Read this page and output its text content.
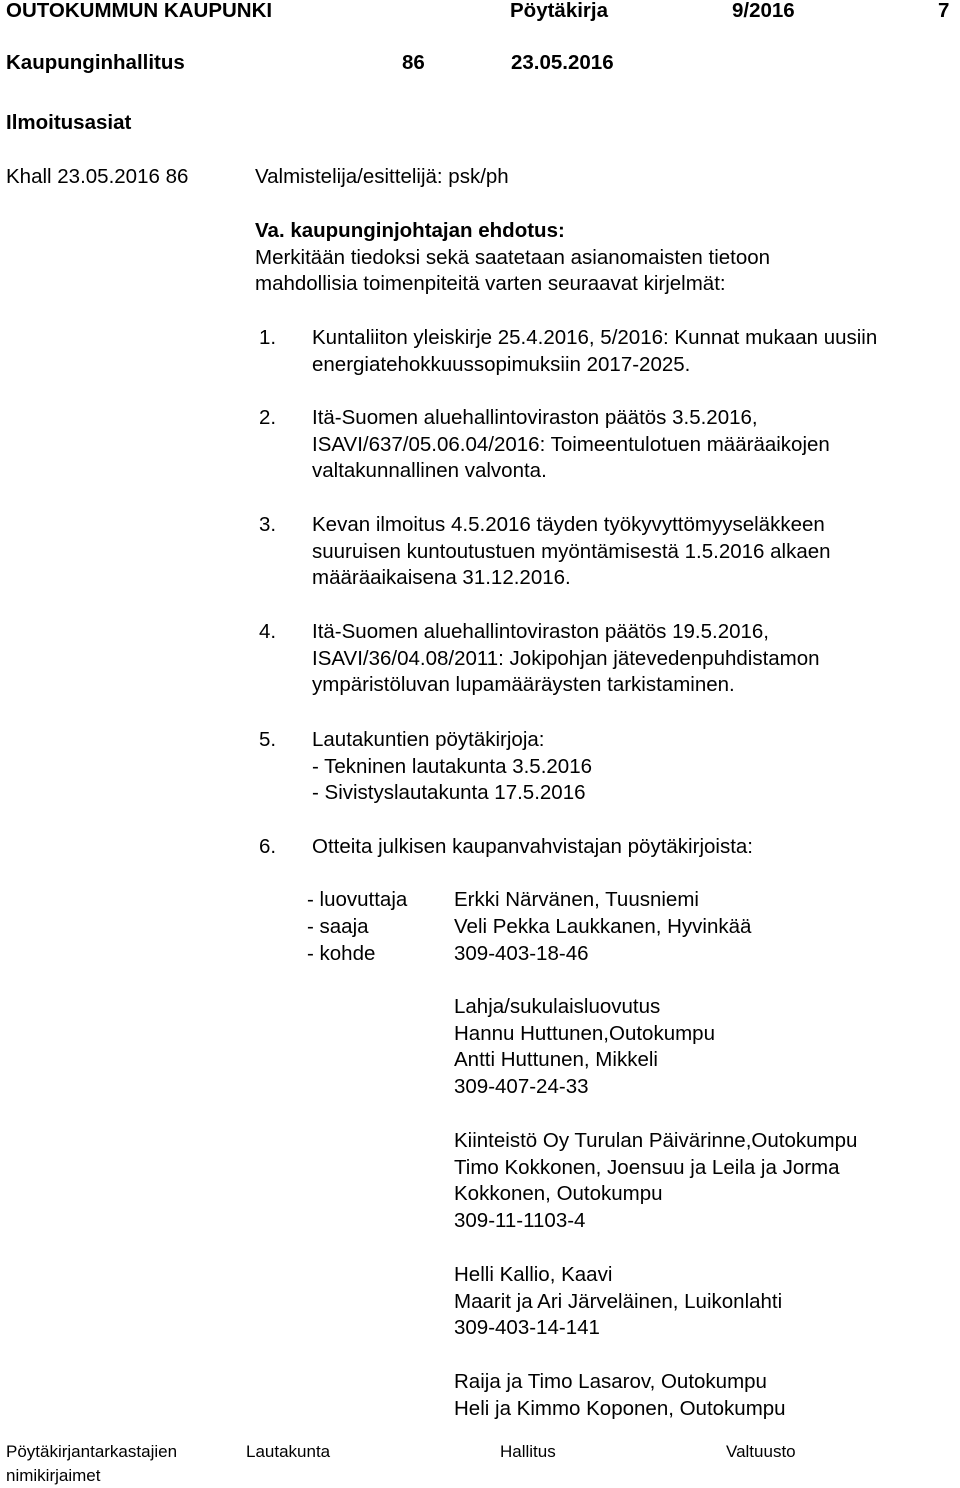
OUTOKUMMUN KAUPUNKI	Pöytäkirja	9/2016	7
Kaupunginhallitus	86	23.05.2016
Ilmoitusasiat
Khall 23.05.2016 86	Valmistelija/esittelijä: psk/ph
Va. kaupunginjohtajan ehdotus:
Merkitään tiedoksi sekä saatetaan asianomaisten tietoon
mahdollisia toimenpiteitä varten seuraavat kirjelmät:
1. Kuntaliiton yleiskirje 25.4.2016, 5/2016: Kunnat mukaan uusiin
energiatehokkuussopimuksiin 2017-2025.
2. Itä-Suomen aluehallintoviraston päätös 3.5.2016,
ISAVI/637/05.06.04/2016: Toimeentulotuen määräaikojen
valtakunnallinen valvonta.
3. Kevan ilmoitus 4.5.2016 täyden työkyvyttömyyseläkkeen
suuruisen kuntoutustuen myöntämisestä 1.5.2016 alkaen
määräaikaisena 31.12.2016.
4. Itä-Suomen aluehallintoviraston päätös 19.5.2016,
ISAVI/36/04.08/2011: Jokipohjan jätevedenpuhdistamon
ympäristöluvan lupamääräysten tarkistaminen.
5. Lautakuntien pöytäkirjoja:
- Tekninen lautakunta 3.5.2016
- Sivistyslautakunta 17.5.2016
6. Otteita julkisen kaupanvahvistajan pöytäkirjoista:
- luovuttaja Erkki Närvänen, Tuusniemi
- saaja	Veli Pekka Laukkanen, Hyvinkää
- kohde	309-403-18-46
Lahja/sukulaisluovutus
Hannu Huttunen,Outokumpu
Antti Huttunen, Mikkeli
309-407-24-33
Kiinteistö Oy Turulan Päivärinne,Outokumpu
Timo Kokkonen, Joensuu ja Leila ja Jorma
Kokkonen, Outokumpu
309-11-1103-4
Helli Kallio, Kaavi
Maarit ja Ari Järveläinen, Luikonlahti
309-403-14-141
Raija ja Timo Lasarov, Outokumpu
Heli ja Kimmo Koponen, Outokumpu
Pöytäkirjantarkastajien
nimikirjaimet
Lautakunta	Hallitus	Valtuusto
